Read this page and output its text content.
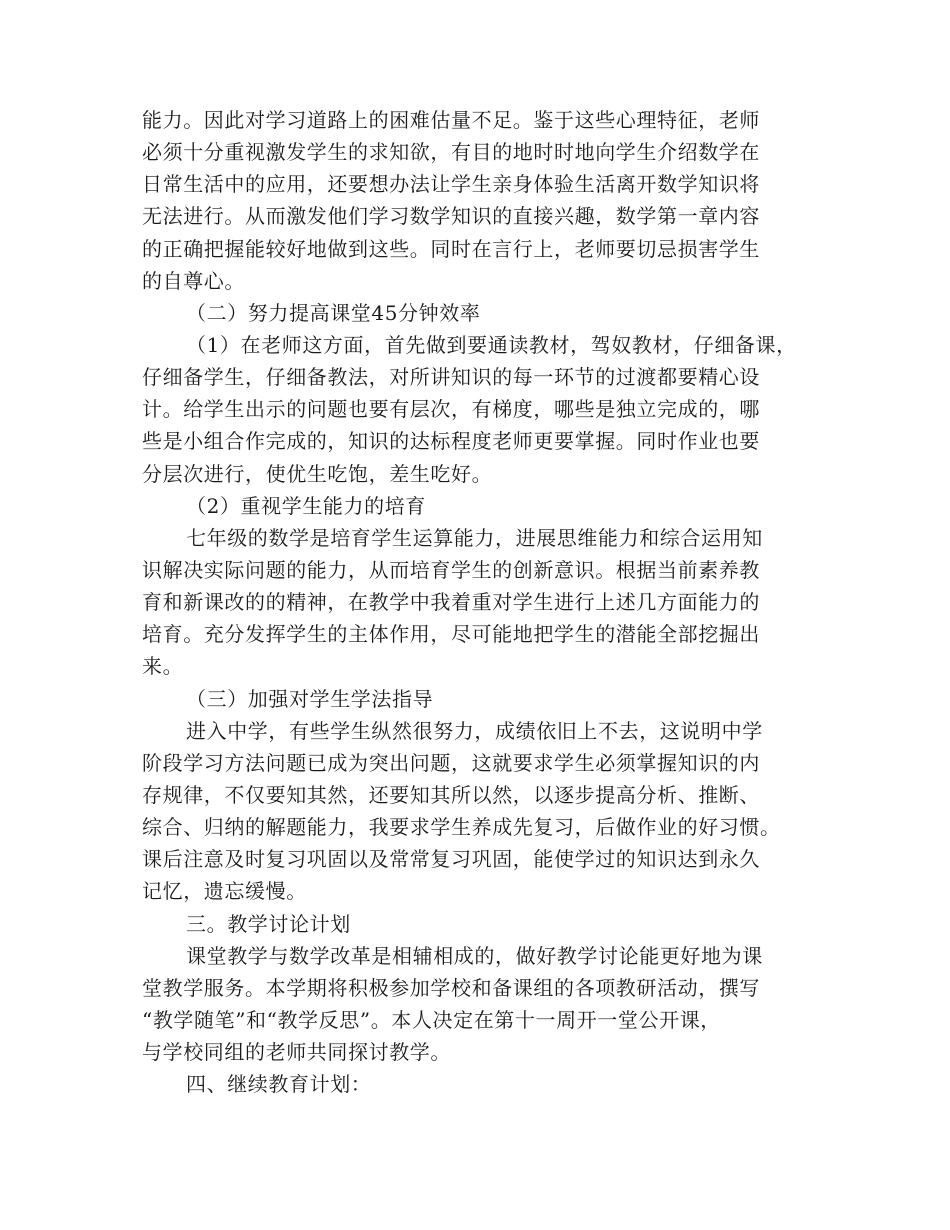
能力。因此对学习道路上的困难估量不足。鉴于这些心理特征，老师

必须十分重视激发学生的求知欲，有目的地时时地向学生介绍数学在

日常生活中的应用，还要想办法让学生亲身体验生活离开数学知识将

无法进行。从而激发他们学习数学知识的直接兴趣，数学第一章内容

的正确把握能较好地做到这些。同时在言行上，老师要切忌损害学生

的自尊心。

（二）努力提高课堂45分钟效率

（1）在老师这方面，首先做到要通读教材，驾奴教材，仔细备课，

仔细备学生，仔细备教法，对所讲知识的每一环节的过渡都要精心设

计。给学生出示的问题也要有层次，有梯度，哪些是独立完成的，哪

些是小组合作完成的，知识的达标程度老师更要掌握。同时作业也要

分层次进行，使优生吃饱，差生吃好。

（2）重视学生能力的培育

七年级的数学是培育学生运算能力，进展思维能力和综合运用知

识解决实际问题的能力，从而培育学生的创新意识。根据当前素养教

育和新课改的的精神，在教学中我着重对学生进行上述几方面能力的

培育。充分发挥学生的主体作用，尽可能地把学生的潜能全部挖掘出

来。

（三）加强对学生学法指导

进入中学，有些学生纵然很努力，成绩依旧上不去，这说明中学

阶段学习方法问题已成为突出问题，这就要求学生必须掌握知识的内

存规律，不仅要知其然，还要知其所以然，以逐步提高分析、推断、

综合、归纳的解题能力，我要求学生养成先复习，后做作业的好习惯。

课后注意及时复习巩固以及常常复习巩固，能使学过的知识达到永久

记忆，遗忘缓慢。

三。教学讨论计划

课堂教学与数学改革是相辅相成的，做好教学讨论能更好地为课

堂教学服务。本学期将积极参加学校和备课组的各项教研活动，撰写

“教学随笔”和“教学反思”。本人决定在第十一周开一堂公开课，

与学校同组的老师共同探讨教学。

四、继续教育计划：
